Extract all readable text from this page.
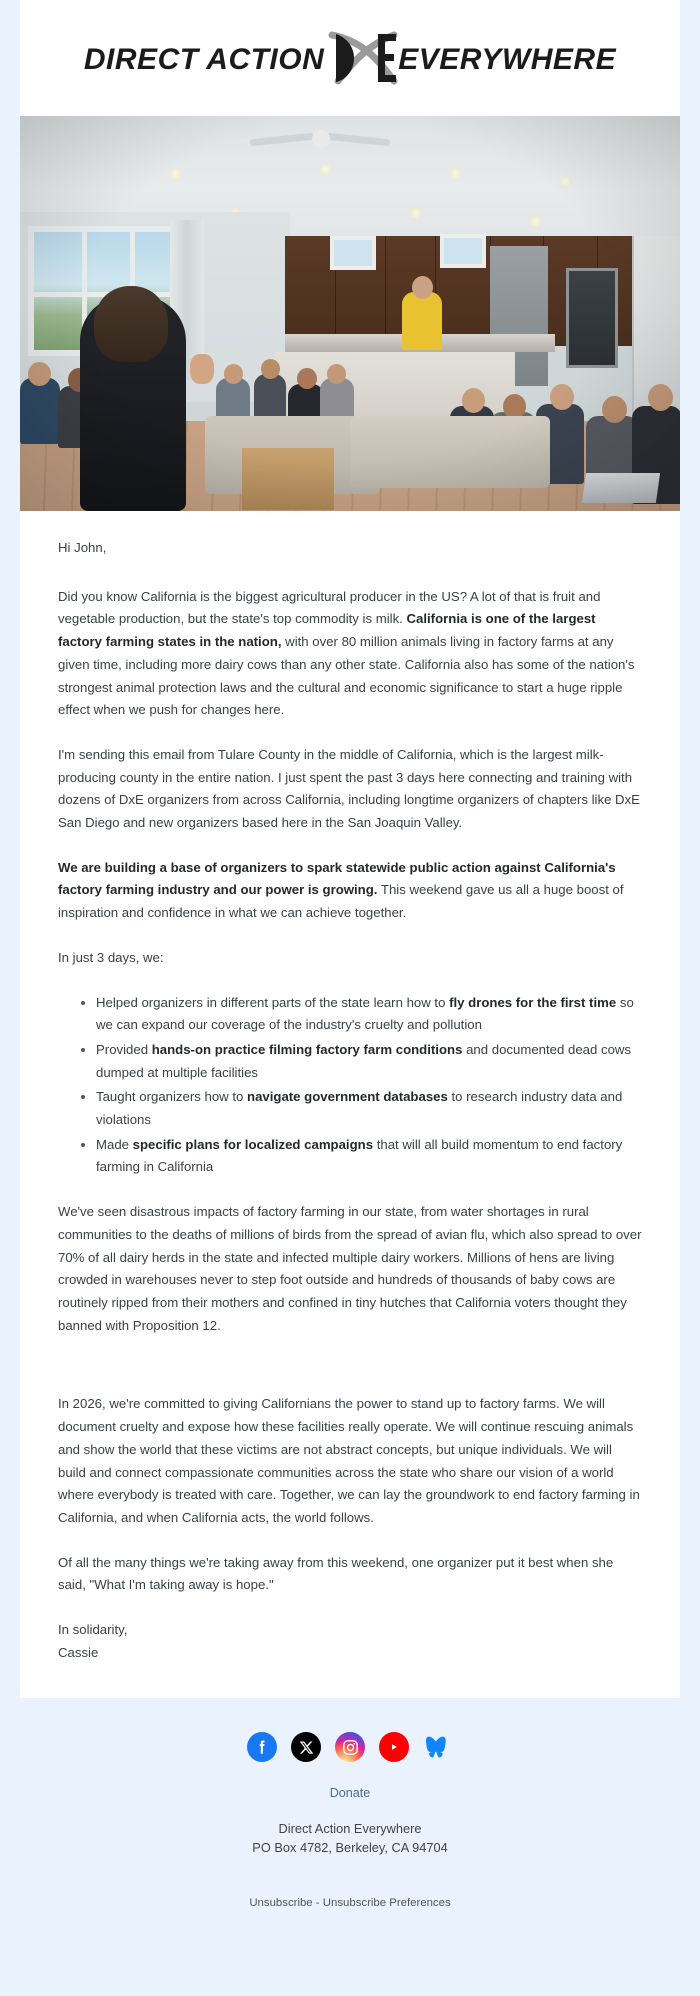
DIRECT ACTION EVERYWHERE

Hi John,

Did you know California is the biggest agricultural producer in the US? A lot of that is fruit and vegetable production, but the state's top commodity is milk. California is one of the largest factory farming states in the nation, with over 80 million animals living in factory farms at any given time, including more dairy cows than any other state. California also has some of the nation's strongest animal protection laws and the cultural and economic significance to start a huge ripple effect when we push for changes here.

I'm sending this email from Tulare County in the middle of California, which is the largest milk-producing county in the entire nation. I just spent the past 3 days here connecting and training with dozens of DxE organizers from across California, including longtime organizers of chapters like DxE San Diego and new organizers based here in the San Joaquin Valley.

We are building a base of organizers to spark statewide public action against California's factory farming industry and our power is growing. This weekend gave us all a huge boost of inspiration and confidence in what we can achieve together.

In just 3 days, we:

Helped organizers in different parts of the state learn how to fly drones for the first time so we can expand our coverage of the industry's cruelty and pollution
Provided hands-on practice filming factory farm conditions and documented dead cows dumped at multiple facilities
Taught organizers how to navigate government databases to research industry data and violations
Made specific plans for localized campaigns that will all build momentum to end factory farming in California

We've seen disastrous impacts of factory farming in our state, from water shortages in rural communities to the deaths of millions of birds from the spread of avian flu, which also spread to over 70% of all dairy herds in the state and infected multiple dairy workers. Millions of hens are living crowded in warehouses never to step foot outside and hundreds of thousands of baby cows are routinely ripped from their mothers and confined in tiny hutches that California voters thought they banned with Proposition 12.

In 2026, we're committed to giving Californians the power to stand up to factory farms. We will document cruelty and expose how these facilities really operate. We will continue rescuing animals and show the world that these victims are not abstract concepts, but unique individuals. We will build and connect compassionate communities across the state who share our vision of a world where everybody is treated with care. Together, we can lay the groundwork to end factory farming in California, and when California acts, the world follows.

Of all the many things we're taking away from this weekend, one organizer put it best when she said, "What I'm taking away is hope."

In solidarity,
Cassie

Donate
Direct Action Everywhere
PO Box 4782, Berkeley, CA 94704
Unsubscribe - Unsubscribe Preferences
